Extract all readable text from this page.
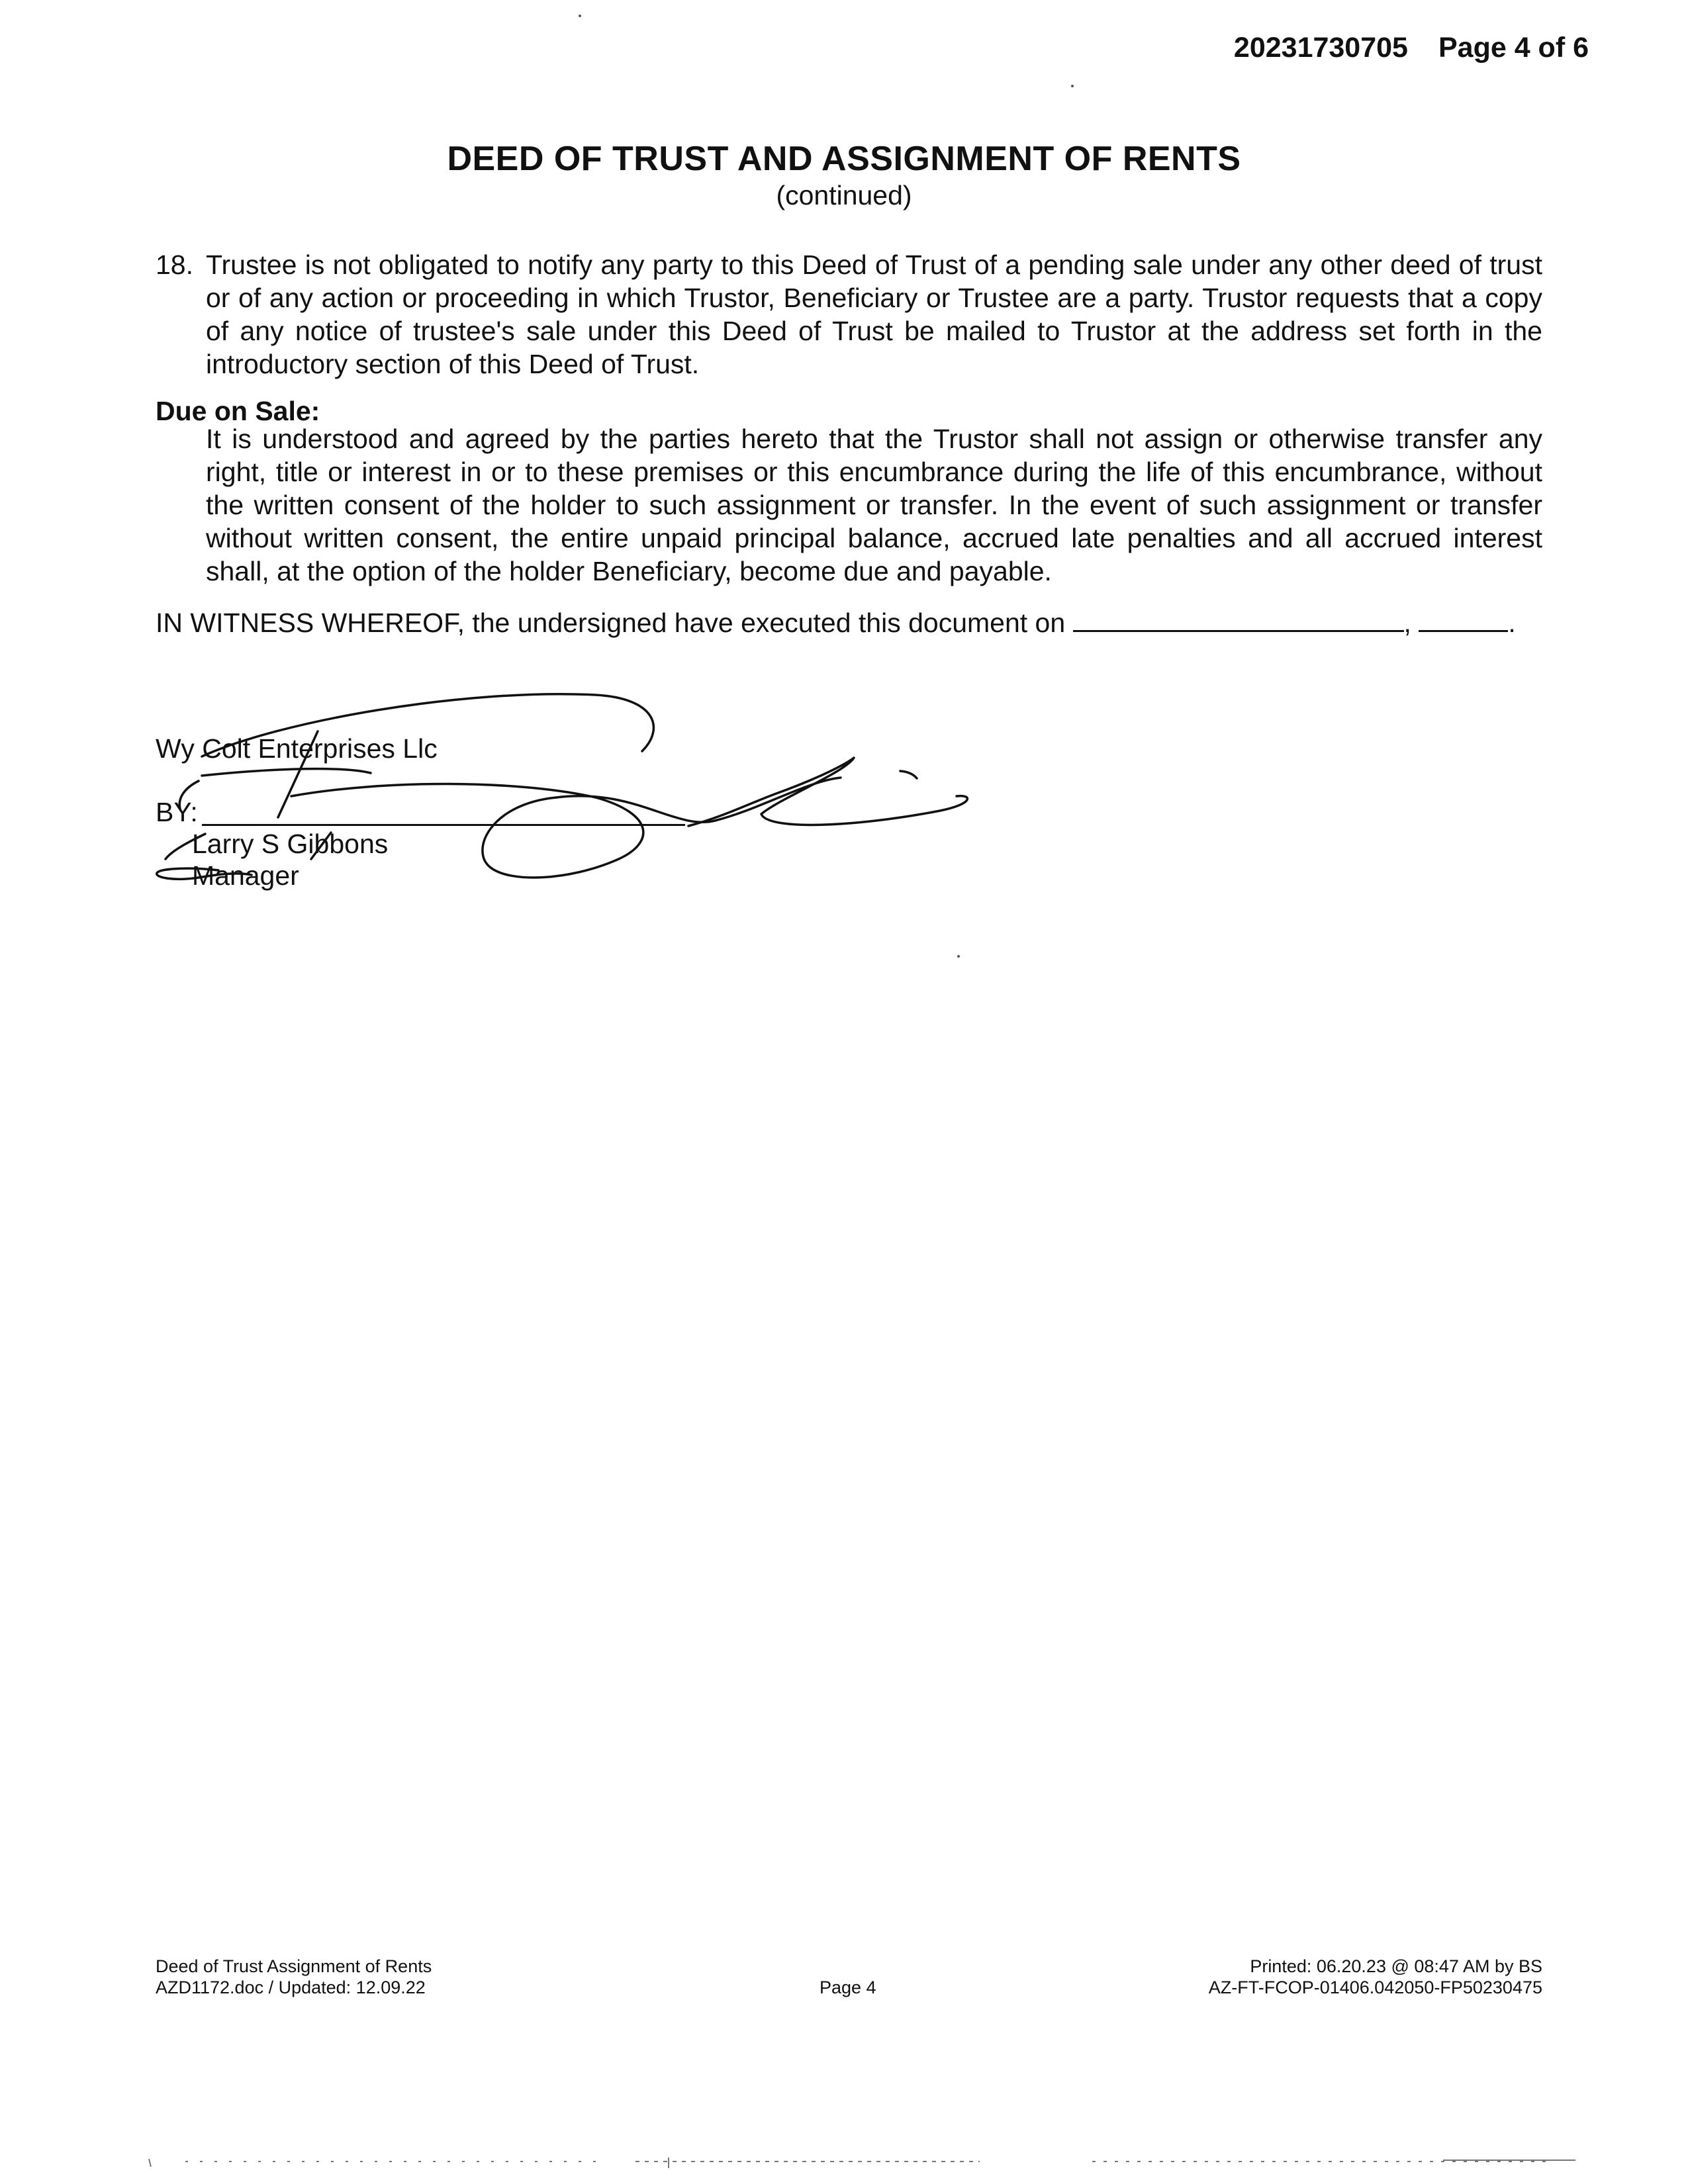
20231730705 Page 4 of 6
DEED OF TRUST AND ASSIGNMENT OF RENTS
(continued)
18. Trustee is not obligated to notify any party to this Deed of Trust of a pending sale under any other deed of trust or of any action or proceeding in which Trustor, Beneficiary or Trustee are a party. Trustor requests that a copy of any notice of trustee's sale under this Deed of Trust be mailed to Trustor at the address set forth in the introductory section of this Deed of Trust.
Due on Sale:
It is understood and agreed by the parties hereto that the Trustor shall not assign or otherwise transfer any right, title or interest in or to these premises or this encumbrance during the life of this encumbrance, without the written consent of the holder to such assignment or transfer. In the event of such assignment or transfer without written consent, the entire unpaid principal balance, accrued late penalties and all accrued interest shall, at the option of the holder Beneficiary, become due and payable.
IN WITNESS WHEREOF, the undersigned have executed this document on	,	.
Wy Colt Enterprises Llc
BY:
Larry S Gibbons
Manager
Deed of Trust Assignment of Rents
AZD1172.doc / Updated: 12.09.22	Page 4
Printed: 06.20.23 @ 08:47 AM by BS
AZ-FT-FCOP-01406.042050-FP50230475
